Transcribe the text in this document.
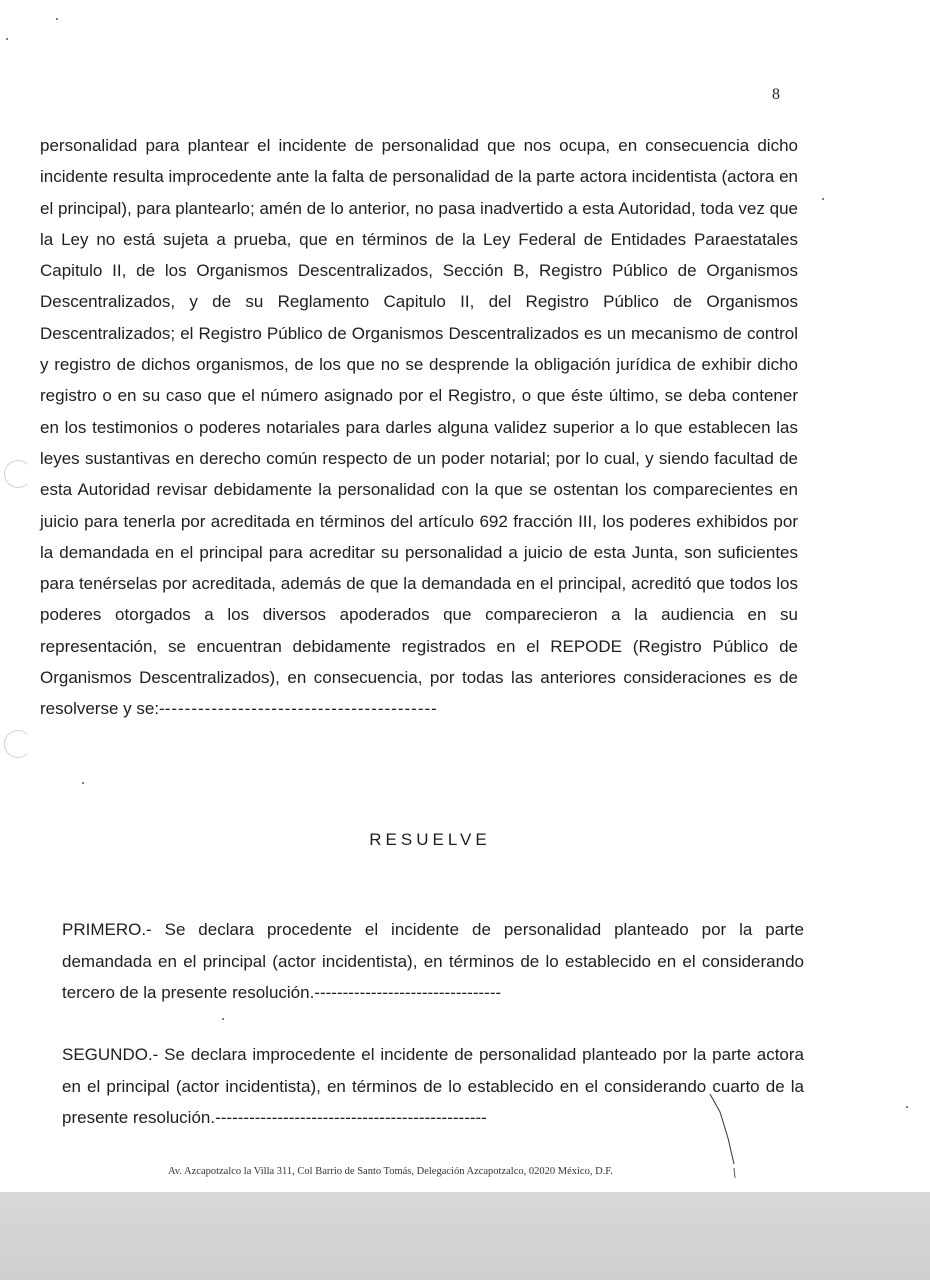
8
personalidad para plantear el incidente de personalidad que nos ocupa, en consecuencia dicho incidente resulta improcedente ante la falta de personalidad de la parte actora incidentista (actora en el principal), para plantearlo; amén de lo anterior, no pasa inadvertido a esta Autoridad, toda vez que la Ley no está sujeta a prueba, que en términos de la Ley Federal de Entidades Paraestatales Capitulo II, de los Organismos Descentralizados, Sección B, Registro Público de Organismos Descentralizados, y de su Reglamento Capitulo II, del Registro Público de Organismos Descentralizados; el Registro Público de Organismos Descentralizados es un mecanismo de control y registro de dichos organismos, de los que no se desprende la obligación jurídica de exhibir dicho registro o en su caso que el número asignado por el Registro, o que éste último, se deba contener en los testimonios o poderes notariales para darles alguna validez superior a lo que establecen las leyes sustantivas en derecho común respecto de un poder notarial; por lo cual, y siendo facultad de esta Autoridad revisar debidamente la personalidad con la que se ostentan los comparecientes en juicio para tenerla por acreditada en términos del artículo 692 fracción III, los poderes exhibidos por la demandada en el principal para acreditar su personalidad a juicio de esta Junta, son suficientes para tenérselas por acreditada, además de que la demandada en el principal, acreditó que todos los poderes otorgados a los diversos apoderados que comparecieron a la audiencia en su representación, se encuentran debidamente registrados en el REPODE (Registro Público de Organismos Descentralizados), en consecuencia, por todas las anteriores consideraciones es de resolverse y se:------------------------------------------
RESUELVE
PRIMERO.- Se declara procedente el incidente de personalidad planteado por la parte demandada en el principal (actor incidentista), en términos de lo establecido en el considerando tercero de la presente resolución.---------------------------------
SEGUNDO.- Se declara improcedente el incidente de personalidad planteado por la parte actora en el principal (actor incidentista), en términos de lo establecido en el considerando cuarto de la presente resolución.------------------------------------------------
Av. Azcapotzalco la Villa 311, Col Barrio de Santo Tomás, Delegación Azcapotzalco, 02020 México, D.F.
